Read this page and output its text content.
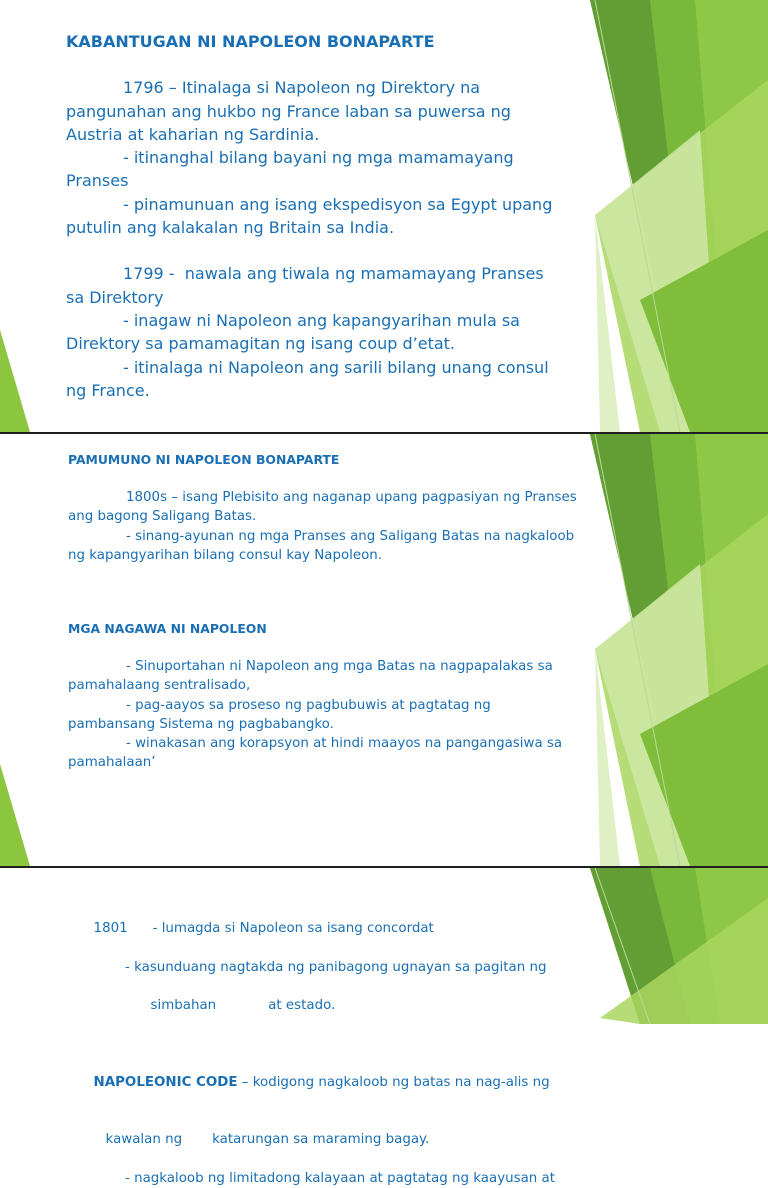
KABANTUGAN NI NAPOLEON BONAPARTE
1796 – Itinalaga si Napoleon ng Direktory na
pangunahan ang hukbo ng France laban sa puwersa ng
Austria at kaharian ng Sardinia.
- itinanghal bilang bayani ng mga mamamayang
Pranses
- pinamunuan ang isang ekspedisyon sa Egypt upang
putulin ang kalakalan ng Britain sa India.
1799 -  nawala ang tiwala ng mamamayang Pranses
sa Direktory
- inagaw ni Napoleon ang kapangyarihan mula sa
Direktory sa pamamagitan ng isang coup d’etat.
- itinalaga ni Napoleon ang sarili bilang unang consul
ng France.
PAMUMUNO NI NAPOLEON BONAPARTE
1800s – isang Plebisito ang naganap upang pagpasiyan ng Pranses
ang bagong Saligang Batas.
- sinang-ayunan ng mga Pranses ang Saligang Batas na nagkaloob
ng kapangyarihan bilang consul kay Napoleon.
MGA NAGAWA NI NAPOLEON
- Sinuportahan ni Napoleon ang mga Batas na nagpapalakas sa
pamahalaang sentralisado,
- pag-aayos sa proseso ng pagbubuwis at pagtatag ng
pambansang Sistema ng pagbabangko.
- winakasan ang korapsyon at hindi maayos na pangangasiwa sa
pamahalaan’

1801 - lumagda si Napoleon sa isang concordat

- kasunduang nagtakda ng panibagong ugnayan sa pagitan ng

simbahan	at estado.

NAPOLEONIC CODE – kodigong nagkaloob ng batas na nag-alis ng

kawalan ng katarungan sa maraming bagay.

- nagkaloob ng limitadong kalayaan at pagtatag ng kaayusan at
